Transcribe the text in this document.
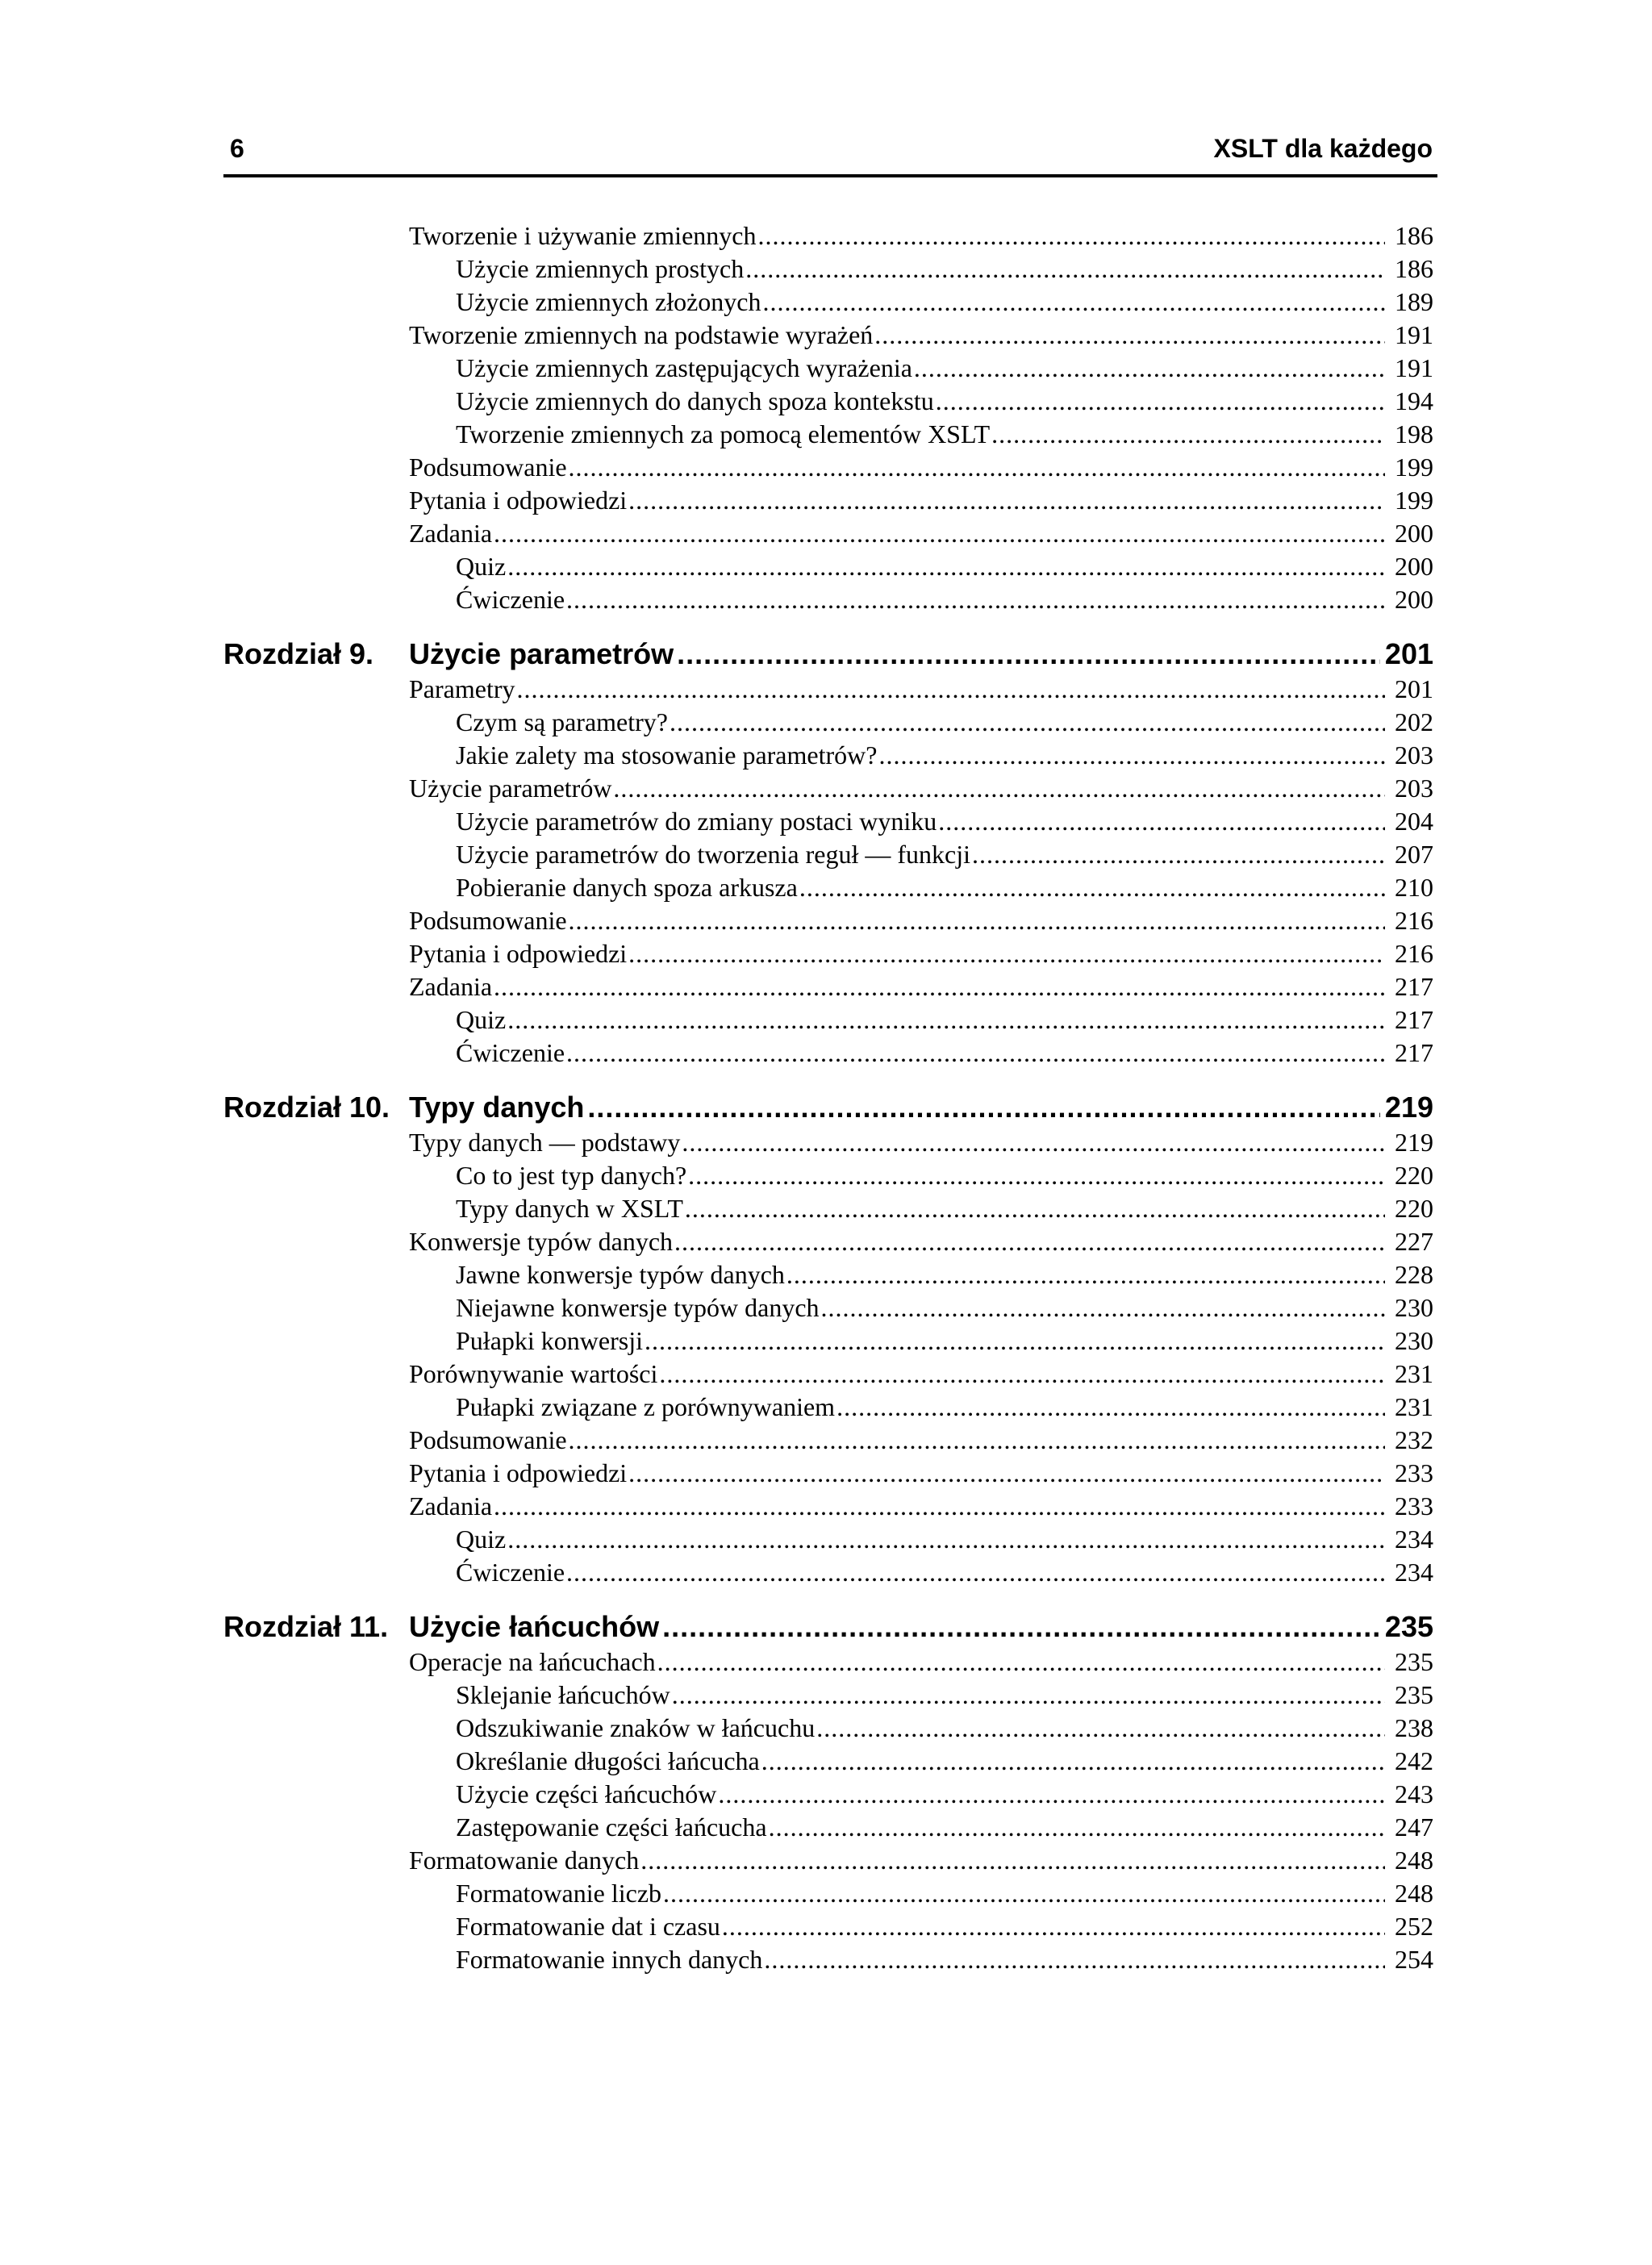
6	XSLT dla każdego
Tworzenie i używanie zmiennych .....	186
Użycie zmiennych prostych .....	186
Użycie zmiennych złożonych .....	189
Tworzenie zmiennych na podstawie wyrażeń .....	191
Użycie zmiennych zastępujących wyrażenia .....	191
Użycie zmiennych do danych spoza kontekstu .....	194
Tworzenie zmiennych za pomocą elementów XSLT .....	198
Podsumowanie .....	199
Pytania i odpowiedzi .....	199
Zadania .....	200
Quiz .....	200
Ćwiczenie .....	200
Rozdział 9.	Użycie parametrów .....	201
Parametry .....	201
Czym są parametry? .....	202
Jakie zalety ma stosowanie parametrów? .....	203
Użycie parametrów .....	203
Użycie parametrów do zmiany postaci wyniku .....	204
Użycie parametrów do tworzenia reguł — funkcji .....	207
Pobieranie danych spoza arkusza .....	210
Podsumowanie .....	216
Pytania i odpowiedzi .....	216
Zadania .....	217
Quiz .....	217
Ćwiczenie .....	217
Rozdział 10. Typy danych .....	219
Typy danych — podstawy .....	219
Co to jest typ danych? .....	220
Typy danych w XSLT .....	220
Konwersje typów danych .....	227
Jawne konwersje typów danych .....	228
Niejawne konwersje typów danych .....	230
Pułapki konwersji .....	230
Porównywanie wartości .....	231
Pułapki związane z porównywaniem .....	231
Podsumowanie .....	232
Pytania i odpowiedzi .....	233
Zadania .....	233
Quiz .....	234
Ćwiczenie .....	234
Rozdział 11. Użycie łańcuchów .....	235
Operacje na łańcuchach .....	235
Sklejanie łańcuchów .....	235
Odszukiwanie znaków w łańcuchu .....	238
Określanie długości łańcucha .....	242
Użycie części łańcuchów .....	243
Zastępowanie części łańcucha .....	247
Formatowanie danych .....	248
Formatowanie liczb .....	248
Formatowanie dat i czasu .....	252
Formatowanie innych danych .....	254
